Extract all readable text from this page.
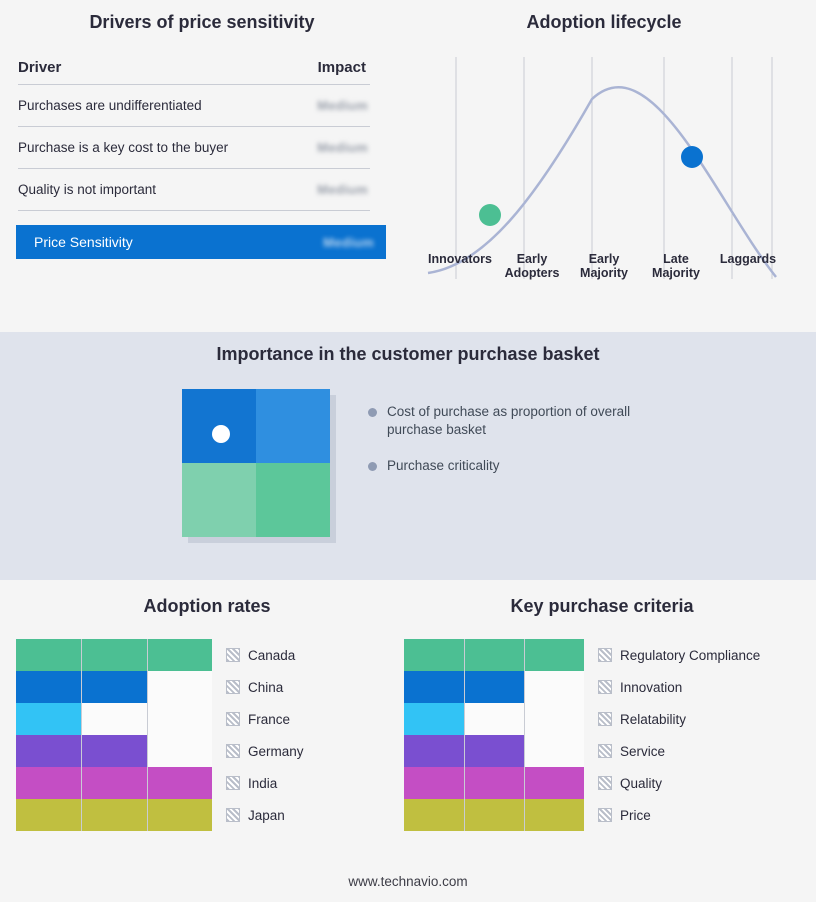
Drivers of price sensitivity
Driver	Impact
Purchases are undifferentiated	Medium
Purchase is a key cost to the buyer	Medium
Quality is not important	Medium
Price Sensitivity	Medium
Adoption lifecycle
Innovators	Early
Adopters
Early
Majority
Late
Majority
Laggards
Importance in the customer purchase basket
Cost of purchase as proportion of overall purchase basket
Purchase criticality
Adoption rates
Canada
China
France
Germany
India
Japan
Key purchase criteria
Regulatory Compliance
Innovation
Relatability
Service
Quality
Price
www.technavio.com
